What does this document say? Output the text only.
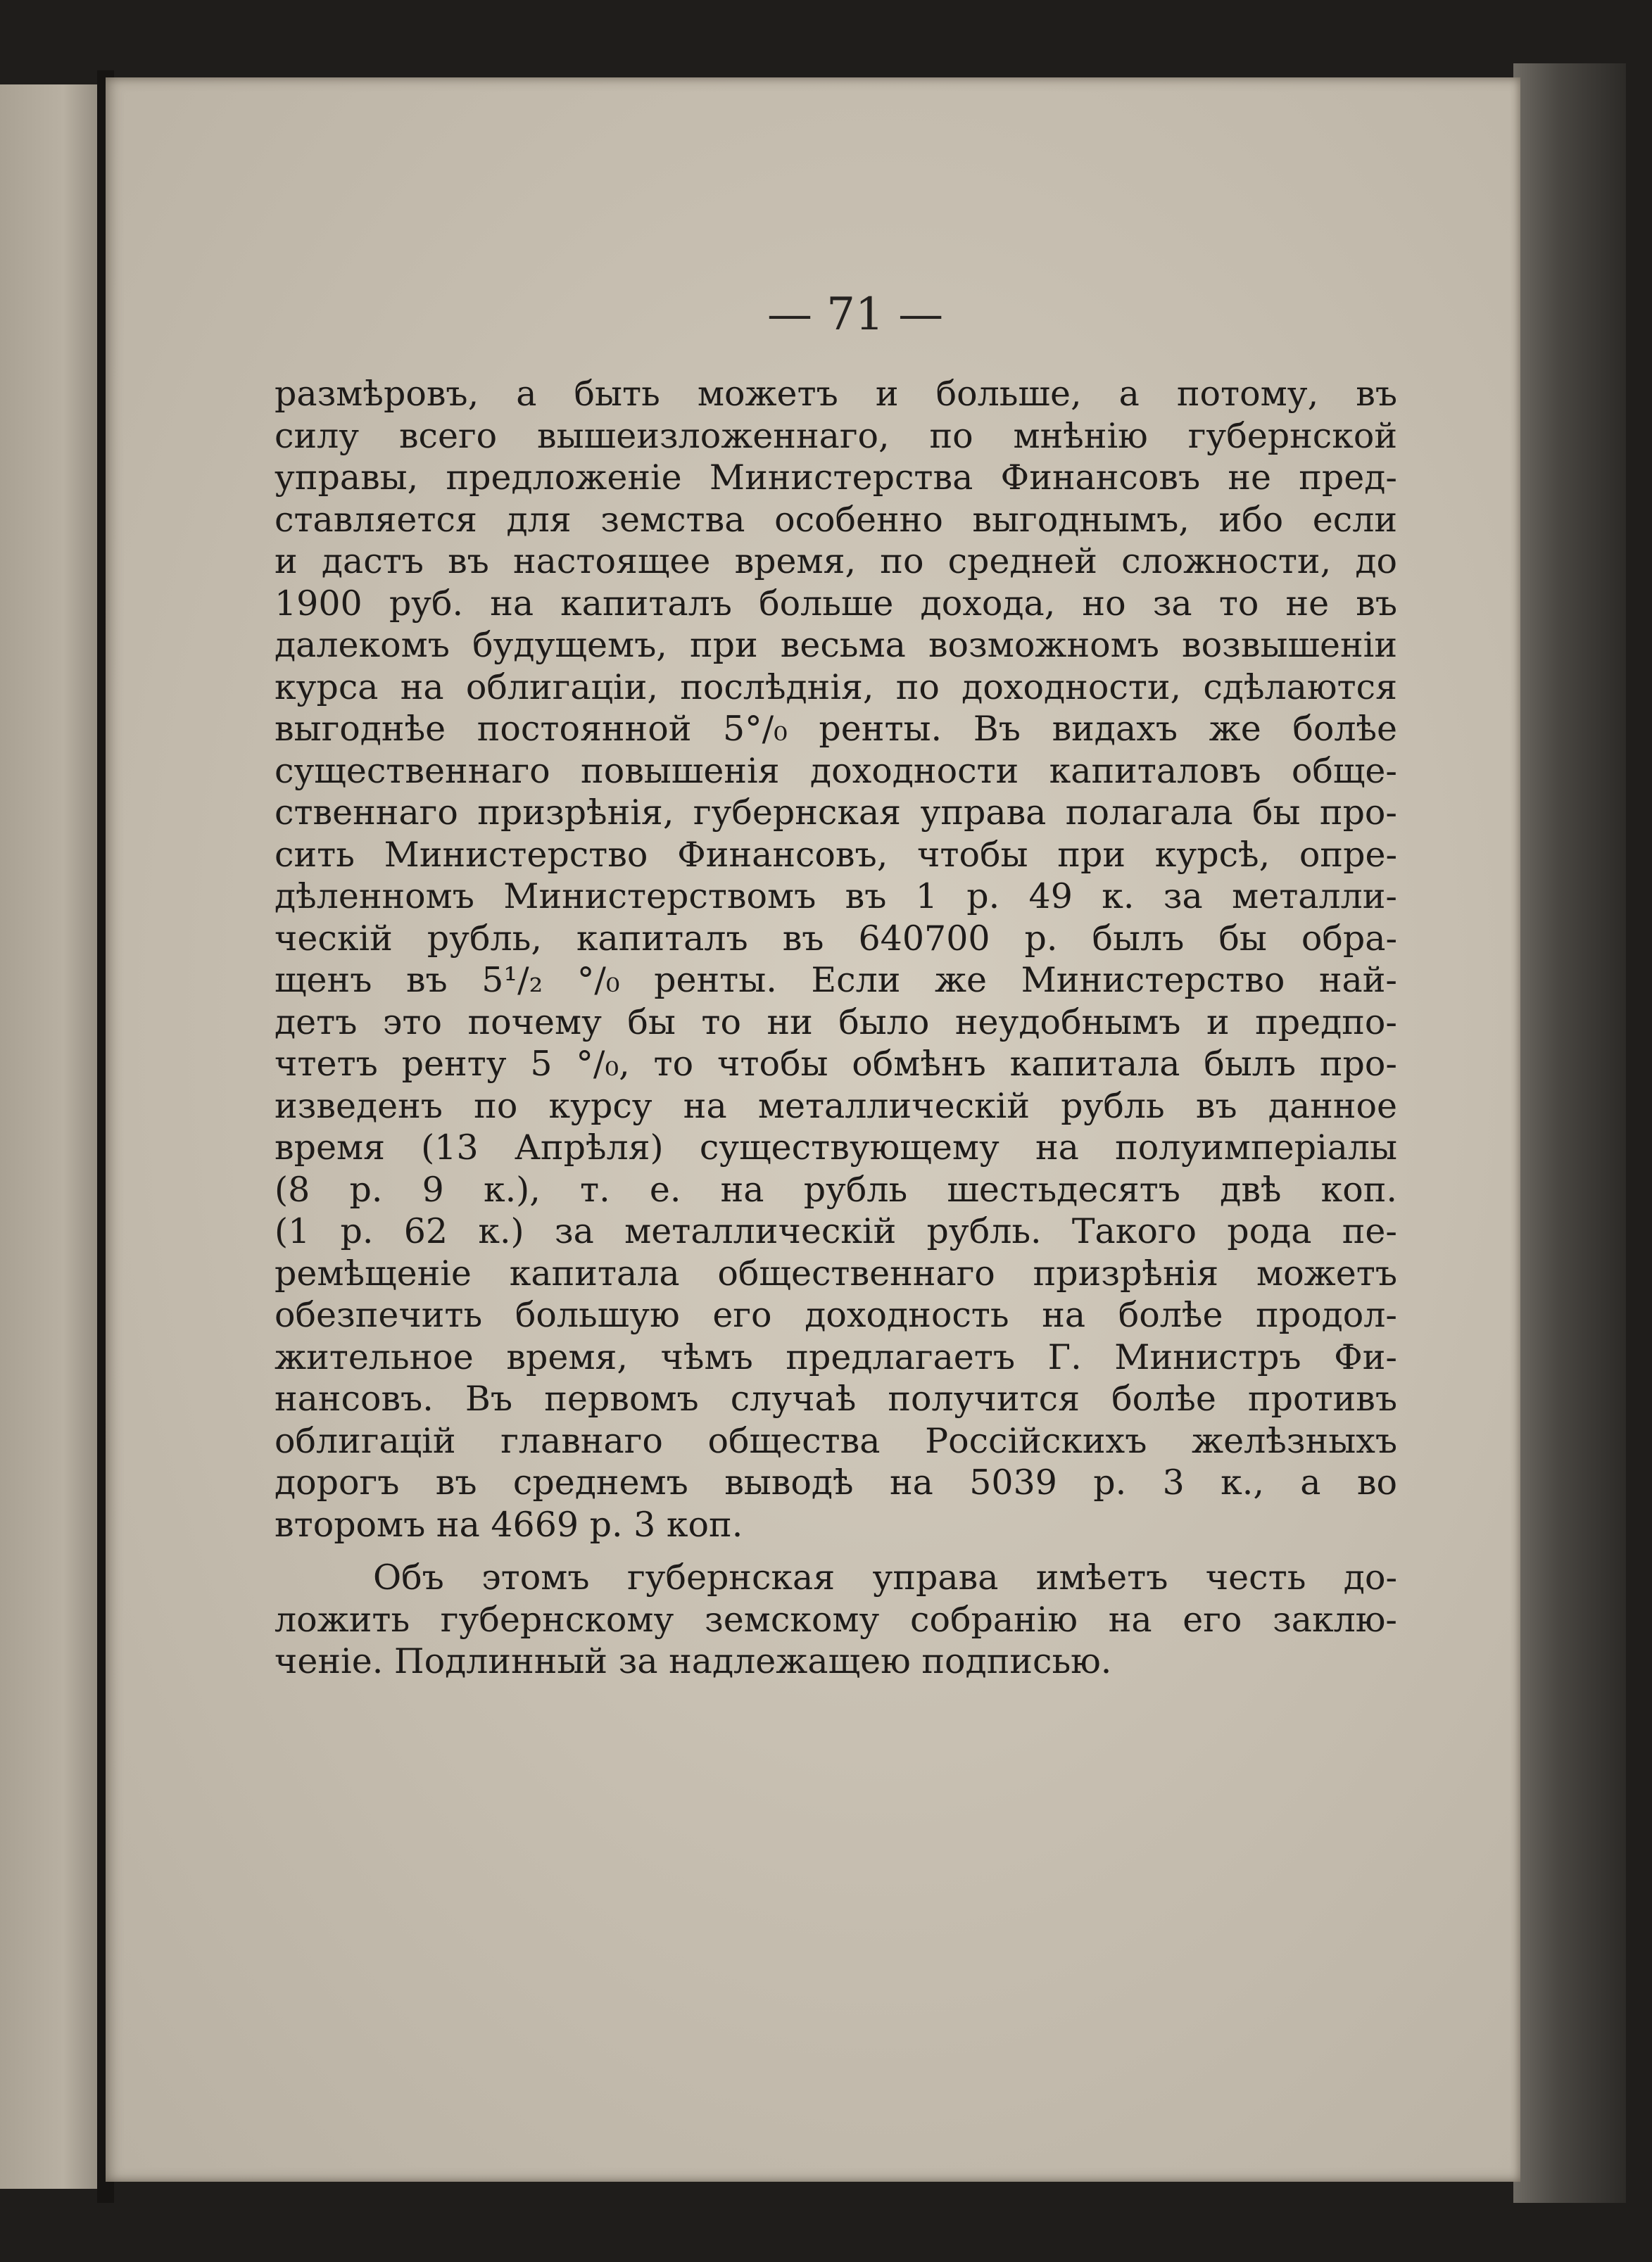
— 71 —

размѣровъ, а быть можетъ и больше, а потому, въ
силу всего вышеизложеннаго, по мнѣнію губернской
управы, предложеніе Министерства Финансовъ не пред-
ставляется для земства особенно выгоднымъ, ибо если
и дастъ въ настоящее время, по средней сложности, до
1900 руб. на капиталъ больше дохода, но за то не въ
далекомъ будущемъ, при весьма возможномъ возвышеніи
курса на облигаціи, послѣднія, по доходности, сдѣлаются
выгоднѣе постоянной 5°/₀ ренты. Въ видахъ же болѣе
существеннаго повышенія доходности капиталовъ обще-
ственнаго призрѣнія, губернская управа полагала бы про-
сить Министерство Финансовъ, чтобы при курсѣ, опре-
дѣленномъ Министерствомъ въ 1 р. 49 к. за металли-
ческій рубль, капиталъ въ 640700 р. былъ бы обра-
щенъ въ 5¹/₂ °/₀ ренты. Если же Министерство най-
детъ это почему бы то ни было неудобнымъ и предпо-
чтетъ ренту 5 °/₀, то чтобы обмѣнъ капитала былъ про-
изведенъ по курсу на металлическій рубль въ данное
время (13 Апрѣля) существующему на полуимперіалы
(8 р. 9 к.), т. е. на рубль шестьдесятъ двѣ коп.
(1 р. 62 к.) за металлическій рубль. Такого рода пе-
ремѣщеніе капитала общественнаго призрѣнія можетъ
обезпечить большую его доходность на болѣе продол-
жительное время, чѣмъ предлагаетъ Г. Министръ Фи-
нансовъ. Въ первомъ случаѣ получится болѣе противъ
облигацій главнаго общества Россійскихъ желѣзныхъ
дорогъ въ среднемъ выводѣ на 5039 р. 3 к., а во
второмъ на 4669 р. 3 коп.
Объ этомъ губернская управа имѣетъ честь до-
ложить губернскому земскому собранію на его заклю-
ченіе. Подлинный за надлежащею подписью.
